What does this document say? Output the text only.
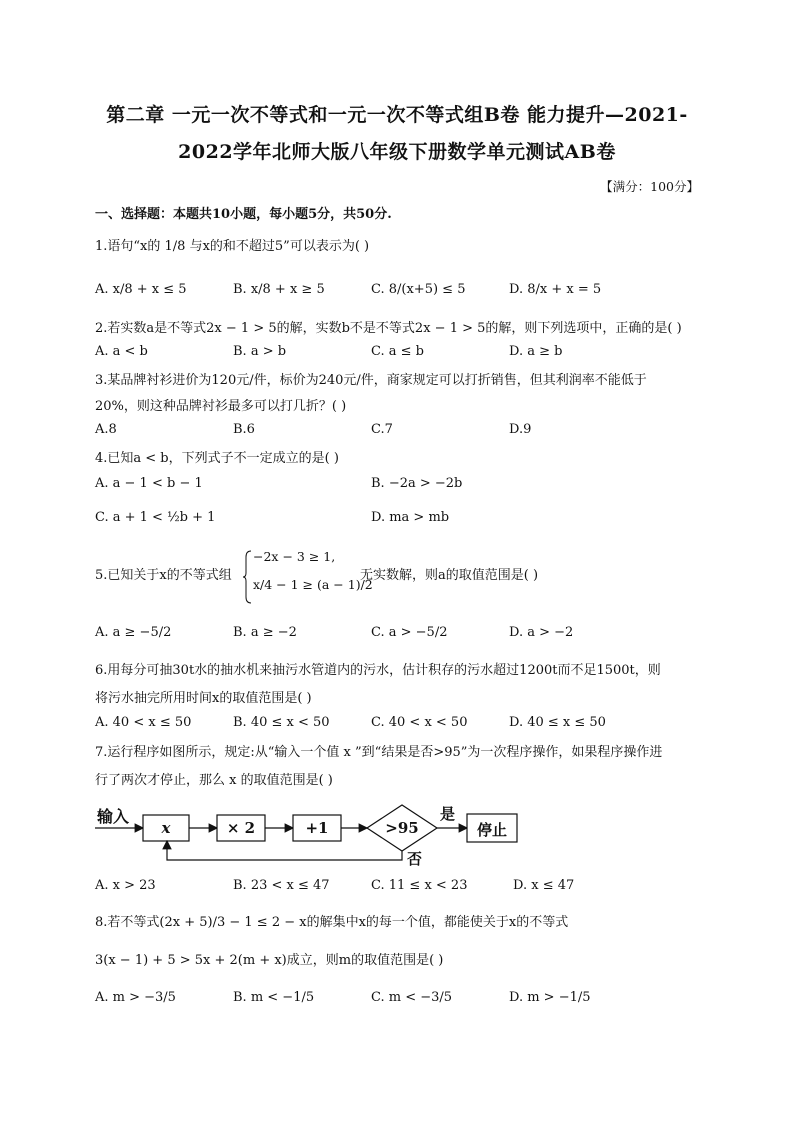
第二章 一元一次不等式和一元一次不等式组B卷 能力提升—2021-
2022学年北师大版八年级下册数学单元测试AB卷
【满分：100分】
一、选择题：本题共10小题，每小题5分，共50分.
1.语句“x的 1/8 与x的和不超过5”可以表示为( )
A. x/8 + x ≤ 5	B. x/8 + x ≥ 5	C. 8/(x+5) ≤ 5	D. 8/x + x = 5
2.若实数a是不等式2x − 1 > 5的解，实数b不是不等式2x − 1 > 5的解，则下列选项中，正确的是( )
A. a < b	B. a > b	C. a ≤ b	D. a ≥ b
3.某品牌衬衫进价为120元/件，标价为240元/件，商家规定可以打折销售，但其利润率不能低于
20%，则这种品牌衬衫最多可以打几折？( )
A.8	B.6	C.7	D.9
4.已知a < b，下列式子不一定成立的是( )
A. a − 1 < b − 1	B. −2a > −2b
C. a + 1 < ½b + 1	D. ma > mb
5.已知关于x的不等式组
−2x − 3 ≥ 1,
x/4 − 1 ≥ (a − 1)/2
无实数解，则a的取值范围是( )
A. a ≥ −5/2	B. a ≥ −2	C. a > −5/2	D. a > −2
6.用每分可抽30t水的抽水机来抽污水管道内的污水，估计积存的污水超过1200t而不足1500t，则
将污水抽完所用时间x的取值范围是( )
A. 40 < x ≤ 50	B. 40 ≤ x < 50	C. 40 < x < 50	D. 40 ≤ x ≤ 50
7.运行程序如图所示，规定:从“输入一个值 x ”到“结果是否>95”为一次程序操作，如果程序操作进
行了两次才停止，那么 x 的取值范围是( )
输入
x	× 2	+1	>95
是
停止
否
A. x > 23	B. 23 < x ≤ 47	C. 11 ≤ x < 23	D. x ≤ 47
8.若不等式(2x + 5)/3 − 1 ≤ 2 − x的解集中x的每一个值，都能使关于x的不等式
3(x − 1) + 5 > 5x + 2(m + x)成立，则m的取值范围是( )
A. m > −3/5	B. m < −1/5	C. m < −3/5	D. m > −1/5
